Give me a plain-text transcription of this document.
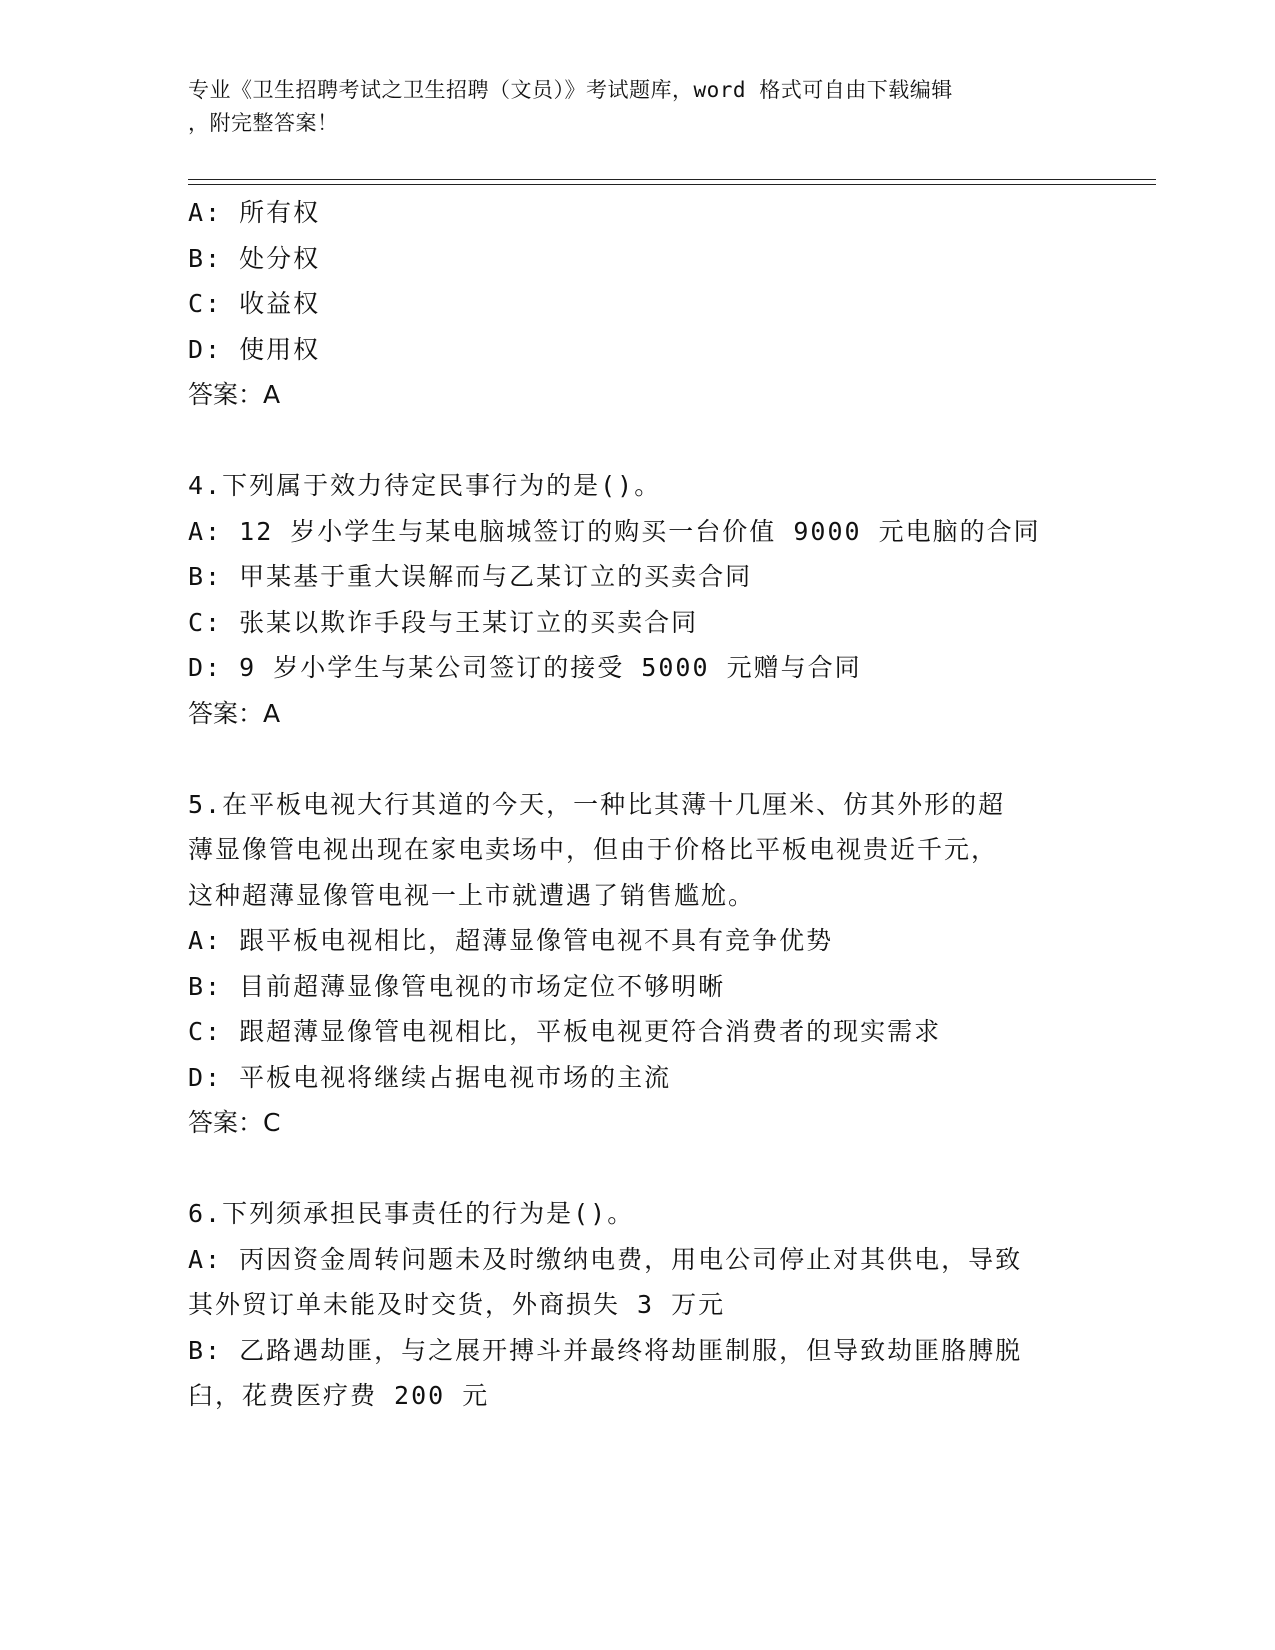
专业《卫生招聘考试之卫生招聘（文员）》考试题库，word 格式可自由下载编辑
，附完整答案！
A: 所有权
B: 处分权
C: 收益权
D: 使用权
答案：A
4.下列属于效力待定民事行为的是()。
A: 12 岁小学生与某电脑城签订的购买一台价值 9000 元电脑的合同
B: 甲某基于重大误解而与乙某订立的买卖合同
C: 张某以欺诈手段与王某订立的买卖合同
D: 9 岁小学生与某公司签订的接受 5000 元赠与合同
答案：A
5.在平板电视大行其道的今天，一种比其薄十几厘米、仿其外形的超
薄显像管电视出现在家电卖场中，但由于价格比平板电视贵近千元，
这种超薄显像管电视一上市就遭遇了销售尴尬。
A: 跟平板电视相比，超薄显像管电视不具有竞争优势
B: 目前超薄显像管电视的市场定位不够明晰
C: 跟超薄显像管电视相比，平板电视更符合消费者的现实需求
D: 平板电视将继续占据电视市场的主流
答案：C
6.下列须承担民事责任的行为是()。
A: 丙因资金周转问题未及时缴纳电费，用电公司停止对其供电，导致
其外贸订单未能及时交货，外商损失 3 万元
B: 乙路遇劫匪，与之展开搏斗并最终将劫匪制服，但导致劫匪胳膊脱
臼，花费医疗费 200 元
